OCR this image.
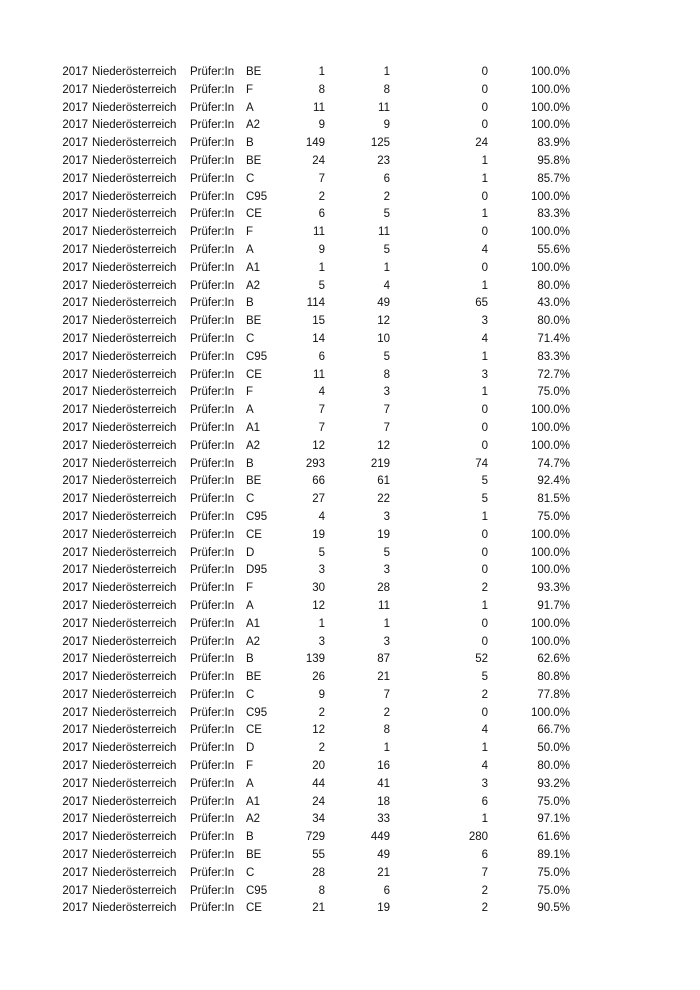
2017 Niederösterreich	Prüfer:In	BE	1	1	0	100.0%
2017 Niederösterreich	Prüfer:In	F	8	8	0	100.0%
2017 Niederösterreich	Prüfer:In	A	11	11	0	100.0%
2017 Niederösterreich	Prüfer:In	A2	9	9	0	100.0%
2017 Niederösterreich	Prüfer:In	B	149	125	24	83.9%
2017 Niederösterreich	Prüfer:In	BE	24	23	1	95.8%
2017 Niederösterreich	Prüfer:In	C	7	6	1	85.7%
2017 Niederösterreich	Prüfer:In	C95	2	2	0	100.0%
2017 Niederösterreich	Prüfer:In	CE	6	5	1	83.3%
2017 Niederösterreich	Prüfer:In	F	11	11	0	100.0%
2017 Niederösterreich	Prüfer:In	A	9	5	4	55.6%
2017 Niederösterreich	Prüfer:In	A1	1	1	0	100.0%
2017 Niederösterreich	Prüfer:In	A2	5	4	1	80.0%
2017 Niederösterreich	Prüfer:In	B	114	49	65	43.0%
2017 Niederösterreich	Prüfer:In	BE	15	12	3	80.0%
2017 Niederösterreich	Prüfer:In	C	14	10	4	71.4%
2017 Niederösterreich	Prüfer:In	C95	6	5	1	83.3%
2017 Niederösterreich	Prüfer:In	CE	11	8	3	72.7%
2017 Niederösterreich	Prüfer:In	F	4	3	1	75.0%
2017 Niederösterreich	Prüfer:In	A	7	7	0	100.0%
2017 Niederösterreich	Prüfer:In	A1	7	7	0	100.0%
2017 Niederösterreich	Prüfer:In	A2	12	12	0	100.0%
2017 Niederösterreich	Prüfer:In	B	293	219	74	74.7%
2017 Niederösterreich	Prüfer:In	BE	66	61	5	92.4%
2017 Niederösterreich	Prüfer:In	C	27	22	5	81.5%
2017 Niederösterreich	Prüfer:In	C95	4	3	1	75.0%
2017 Niederösterreich	Prüfer:In	CE	19	19	0	100.0%
2017 Niederösterreich	Prüfer:In	D	5	5	0	100.0%
2017 Niederösterreich	Prüfer:In	D95	3	3	0	100.0%
2017 Niederösterreich	Prüfer:In	F	30	28	2	93.3%
2017 Niederösterreich	Prüfer:In	A	12	11	1	91.7%
2017 Niederösterreich	Prüfer:In	A1	1	1	0	100.0%
2017 Niederösterreich	Prüfer:In	A2	3	3	0	100.0%
2017 Niederösterreich	Prüfer:In	B	139	87	52	62.6%
2017 Niederösterreich	Prüfer:In	BE	26	21	5	80.8%
2017 Niederösterreich	Prüfer:In	C	9	7	2	77.8%
2017 Niederösterreich	Prüfer:In	C95	2	2	0	100.0%
2017 Niederösterreich	Prüfer:In	CE	12	8	4	66.7%
2017 Niederösterreich	Prüfer:In	D	2	1	1	50.0%
2017 Niederösterreich	Prüfer:In	F	20	16	4	80.0%
2017 Niederösterreich	Prüfer:In	A	44	41	3	93.2%
2017 Niederösterreich	Prüfer:In	A1	24	18	6	75.0%
2017 Niederösterreich	Prüfer:In	A2	34	33	1	97.1%
2017 Niederösterreich	Prüfer:In	B	729	449	280	61.6%
2017 Niederösterreich	Prüfer:In	BE	55	49	6	89.1%
2017 Niederösterreich	Prüfer:In	C	28	21	7	75.0%
2017 Niederösterreich	Prüfer:In	C95	8	6	2	75.0%
2017 Niederösterreich	Prüfer:In	CE	21	19	2	90.5%
